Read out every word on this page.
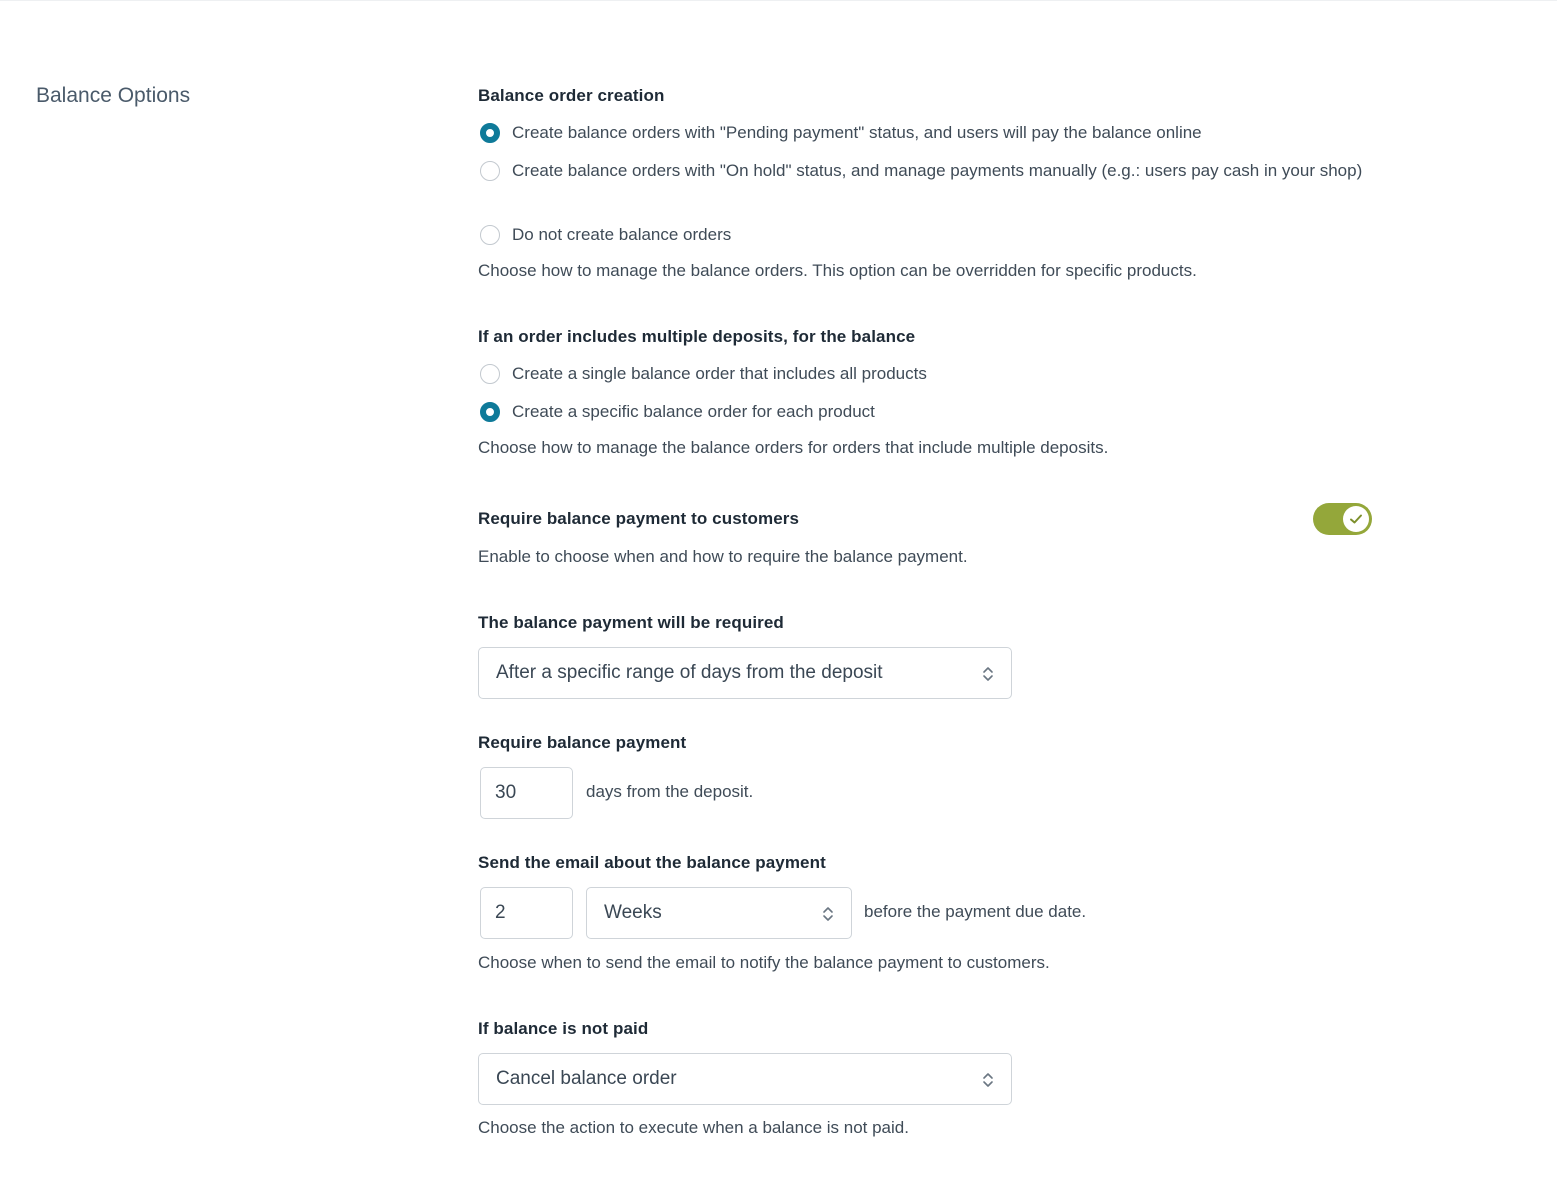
Balance Options	Balance order creation
Create balance orders with "Pending payment" status, and users will pay the balance online
Create balance orders with "On hold" status, and manage payments manually (e.g.: users pay cash in your shop)
Do not create balance orders
Choose how to manage the balance orders. This option can be overridden for specific products.
If an order includes multiple deposits, for the balance
Create a single balance order that includes all products
Create a specific balance order for each product
Choose how to manage the balance orders for orders that include multiple deposits.
Require balance payment to customers
Enable to choose when and how to require the balance payment.
The balance payment will be required
After a specific range of days from the deposit
Require balance payment
30	days from the deposit.
Send the email about the balance payment
2	Weeks	before the payment due date.
Choose when to send the email to notify the balance payment to customers.
If balance is not paid
Cancel balance order
Choose the action to execute when a balance is not paid.
